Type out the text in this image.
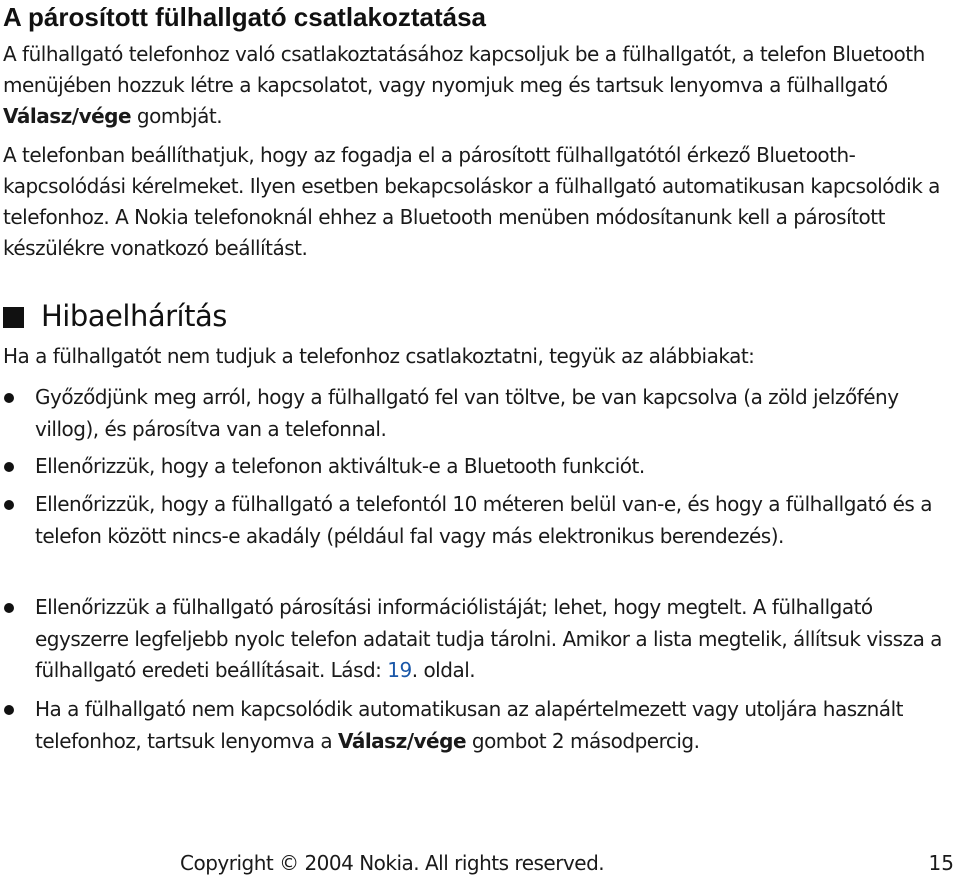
A párosított fülhallgató csatlakoztatása

A fülhallgató telefonhoz való csatlakoztatásához kapcsoljuk be a fülhallgatót, a telefon Bluetooth menüjében hozzuk létre a kapcsolatot, vagy nyomjuk meg és tartsuk lenyomva a fülhallgató Válasz/vége gombját.

A telefonban beállíthatjuk, hogy az fogadja el a párosított fülhallgatótól érkező Bluetooth-kapcsolódási kérelmeket. Ilyen esetben bekapcsoláskor a fülhallgató automatikusan kapcsolódik a telefonhoz. A Nokia telefonoknál ehhez a Bluetooth menüben módosítanunk kell a párosított készülékre vonatkozó beállítást.

Hibaelhárítás

Ha a fülhallgatót nem tudjuk a telefonhoz csatlakoztatni, tegyük az alábbiakat:

Győződjünk meg arról, hogy a fülhallgató fel van töltve, be van kapcsolva (a zöld jelzőfény villog), és párosítva van a telefonnal.

Ellenőrizzük, hogy a telefonon aktiváltuk-e a Bluetooth funkciót.

Ellenőrizzük, hogy a fülhallgató a telefontól 10 méteren belül van-e, és hogy a fülhallgató és a telefon között nincs-e akadály (például fal vagy más elektronikus berendezés).

Ellenőrizzük a fülhallgató párosítási információlistáját; lehet, hogy megtelt. A fülhallgató egyszerre legfeljebb nyolc telefon adatait tudja tárolni. Amikor a lista megtelik, állítsuk vissza a fülhallgató eredeti beállításait. Lásd: 19. oldal.

Ha a fülhallgató nem kapcsolódik automatikusan az alapértelmezett vagy utoljára használt telefonhoz, tartsuk lenyomva a Válasz/vége gombot 2 másodpercig.

Copyright © 2004 Nokia. All rights reserved.	15
